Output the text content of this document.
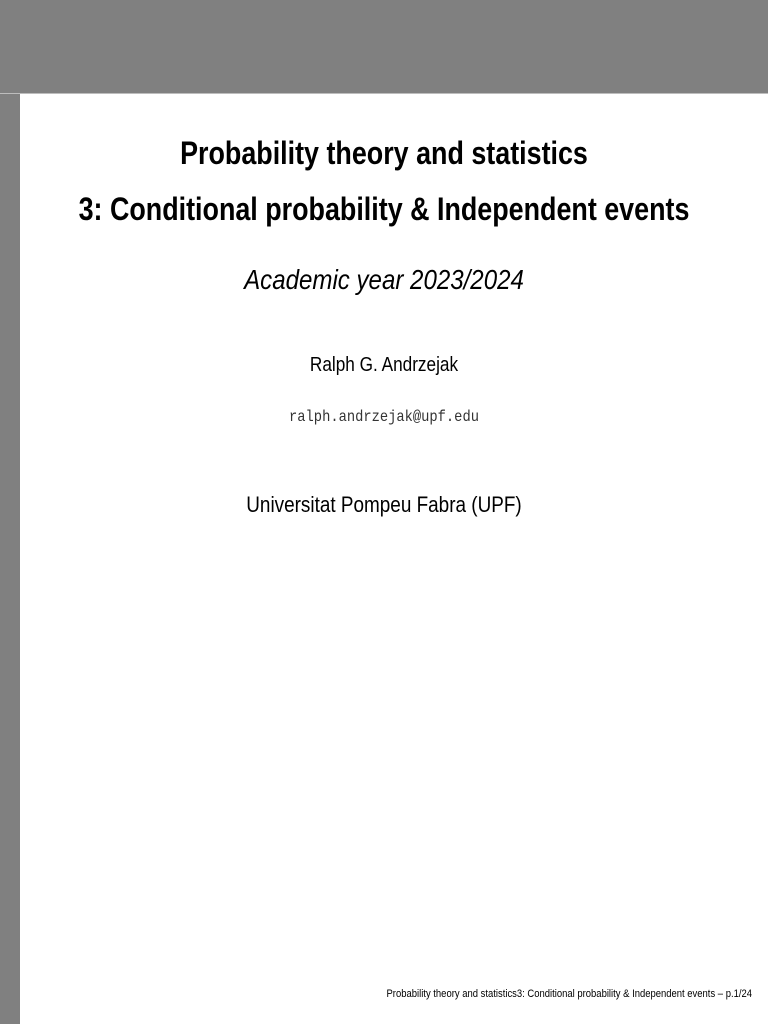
Probability theory and statistics
3: Conditional probability & Independent events
Academic year 2023/2024
Ralph G. Andrzejak
ralph.andrzejak@upf.edu
Universitat Pompeu Fabra (UPF)
Probability theory and statistics3: Conditional probability & Independent events – p.1/24
